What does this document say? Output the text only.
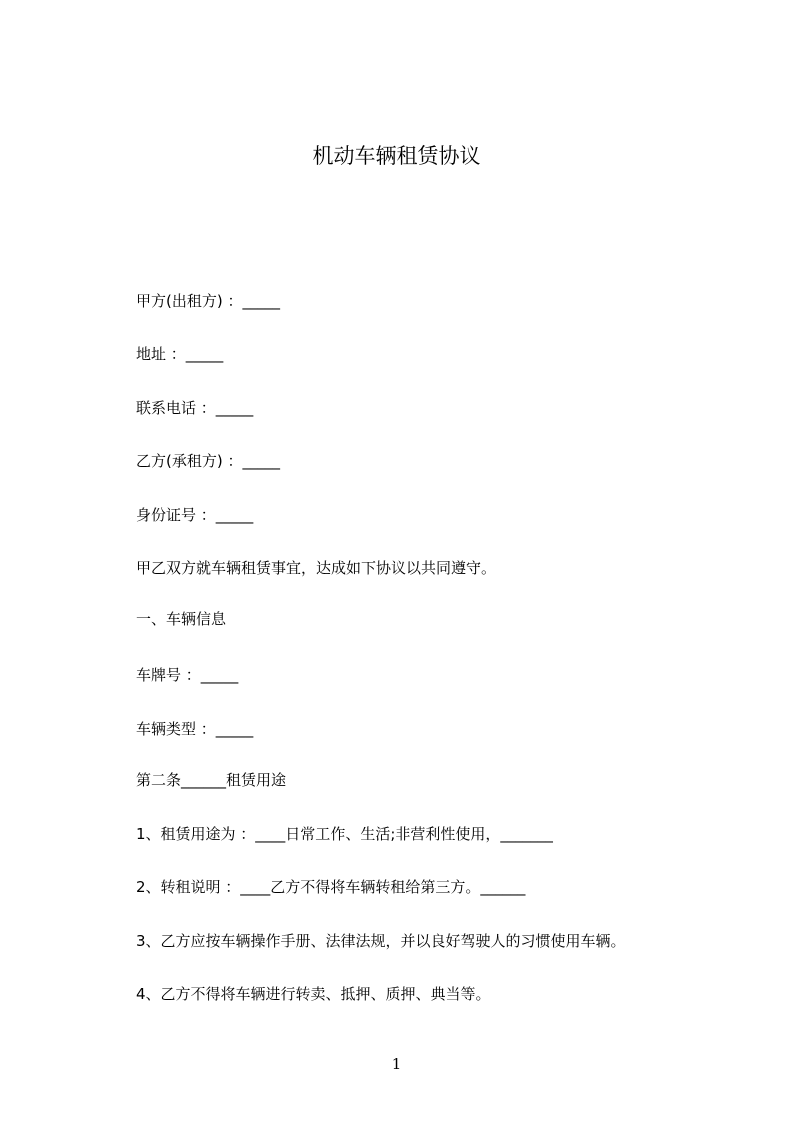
机动车辆租赁协议
甲方(出租方) ：_____
地址 ：_____
联系电话 ：_____
乙方(承租方) ：_____
身份证号 ：_____
甲乙双方就车辆租赁事宜，达成如下协议以共同遵守。
一、车辆信息
车牌号 ：_____
车辆类型 ：_____
第二条______租赁用途
1、租赁用途为 ：____日常工作、生活;非营利性使用，_______
2、转租说明 ：____乙方不得将车辆转租给第三方。______
3、乙方应按车辆操作手册、法律法规，并以良好驾驶人的习惯使用车辆。
4、乙方不得将车辆进行转卖、抵押、质押、典当等。
1
